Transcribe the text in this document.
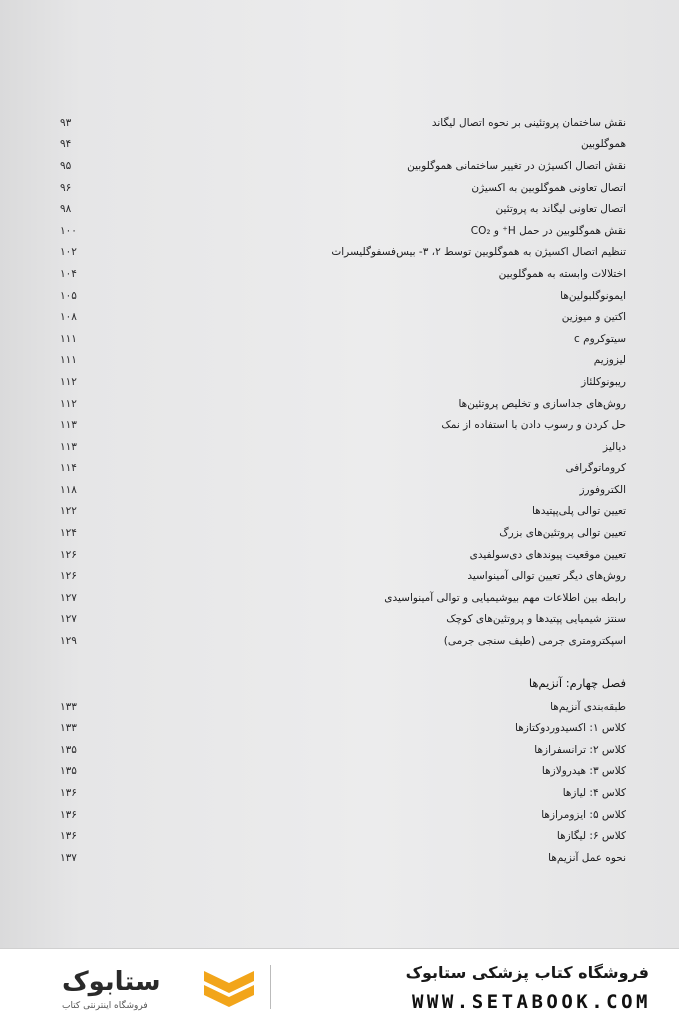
نقش ساختمان پروتئینی بر نحوه اتصال لیگاند
۹۳
هموگلوبین
۹۴
نقش اتصال اکسیژن در تغییر ساختمانی هموگلوبین
۹۵
اتصال تعاونی هموگلوبین به اکسیژن
۹۶
اتصال تعاونی لیگاند به پروتئین
۹۸
نقش هموگلوبین در حمل H⁺ و CO₂
۱۰۰
تنظیم اتصال اکسیژن به هموگلوبین توسط ۲، ۳- بیس‌فسفوگلیسرات
۱۰۲
اختلالات وابسته به هموگلوبین
۱۰۴
ایمونوگلبولین‌ها
۱۰۵
اکتین و میوزین
۱۰۸
سیتوکروم c
۱۱۱
لیزوزیم
۱۱۱
ریبونوکلئاز
۱۱۲
روش‌های جداسازی و تخلیص پروتئین‌ها
۱۱۲
حل کردن و رسوب دادن با استفاده از نمک
۱۱۳
دیالیز
۱۱۳
کروماتوگرافی
۱۱۴
الکتروفورز
۱۱۸
تعیین توالی پلی‌پپتیدها
۱۲۲
تعیین توالی پروتئین‌های بزرگ
۱۲۴
تعیین موقعیت پیوندهای دی‌سولفیدی
۱۲۶
روش‌های دیگر تعیین توالی آمینواسید
۱۲۶
رابطه بین اطلاعات مهم بیوشیمیایی و توالی آمینواسیدی
۱۲۷
سنتز شیمیایی پپتیدها و پروتئین‌های کوچک
۱۲۷
اسپکترومتری جرمی (طیف سنجی جرمی)
۱۲۹
فصل چهارم: آنزیم‌ها
طبقه‌بندی آنزیم‌ها
۱۳۳
کلاس ۱: اکسیدوردوکتازها
۱۳۳
کلاس ۲: ترانسفرازها
۱۳۵
کلاس ۳: هیدرولازها
۱۳۵
کلاس ۴: لیازها
۱۳۶
کلاس ۵: ایزومرازها
۱۳۶
کلاس ۶: لیگازها
۱۳۶
نحوه عمل آنزیم‌ها
۱۳۷
ستابوک
فروشگاه اینترنتی کتاب
فروشگاه کتاب پزشکی ستابوک
WWW.SETABOOK.COM
